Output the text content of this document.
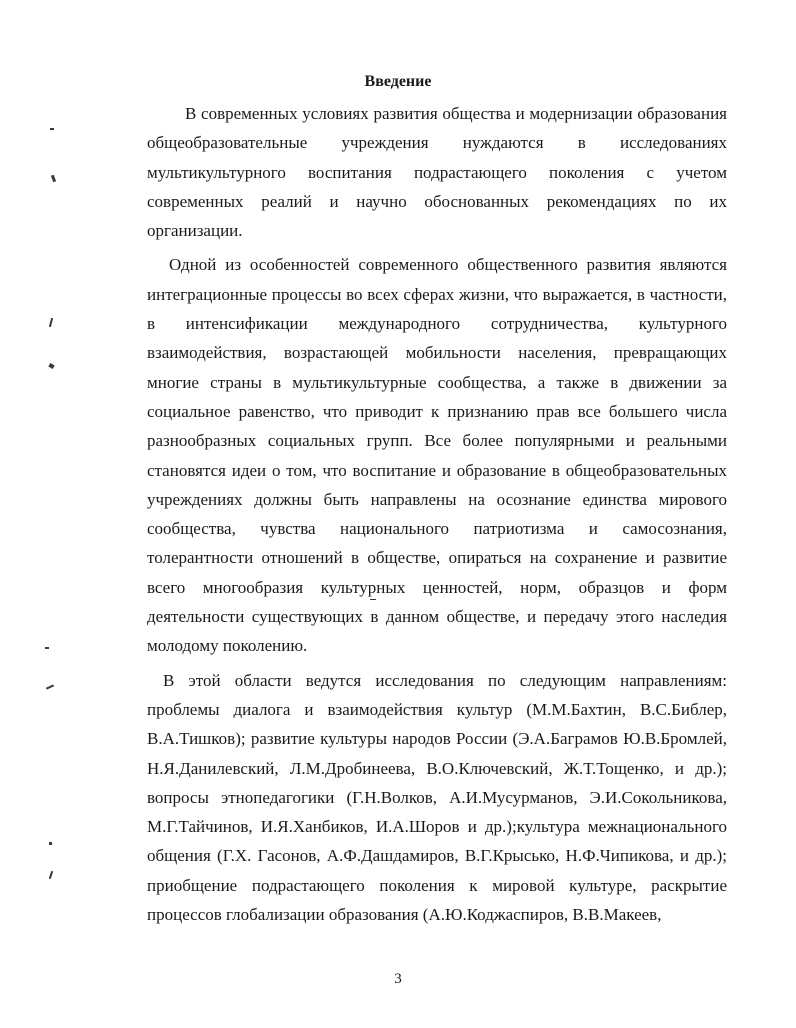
Введение

В современных условиях развития общества и модернизации образования общеобразовательные учреждения нуждаются в исследованиях мультикультурного воспитания подрастающего поколения с учетом современных реалий и научно обоснованных рекомендациях по их организации.

Одной из особенностей современного общественного развития являются интеграционные процессы во всех сферах жизни, что выражается, в частности, в интенсификации международного сотрудничества, культурного взаимодействия, возрастающей мобильности населения, превращающих многие страны в мультикультурные сообщества, а также в движении за социальное равенство, что приводит к признанию прав все большего числа разнообразных социальных групп. Все более популярными и реальными становятся идеи о том, что воспитание и образование в общеобразовательных учреждениях должны быть направлены на осознание единства мирового сообщества, чувства национального патриотизма и самосознания, толерантности отношений в обществе, опираться на сохранение и развитие всего многообразия культурных ценностей, норм, образцов и форм деятельности существующих в данном обществе, и передачу этого наследия молодому поколению.

В этой области ведутся исследования по следующим направлениям: проблемы диалога и взаимодействия культур (М.М.Бахтин, В.С.Библер, В.А.Тишков); развитие культуры народов России (Э.А.Баграмов Ю.В.Бромлей, Н.Я.Данилевский, Л.М.Дробинеева, В.О.Ключевский, Ж.Т.Тощенко, и др.); вопросы этнопедагогики (Г.Н.Волков, А.И.Мусурманов, Э.И.Сокольникова, М.Г.Тайчинов, И.Я.Ханбиков, И.А.Шоров и др.);культура межнационального общения (Г.Х. Гасонов, А.Ф.Дашдамиров, В.Г.Крысько, Н.Ф.Чипикова, и др.); приобщение подрастающего поколения к мировой культуре, раскрытие процессов глобализации образования (А.Ю.Коджаспиров, В.В.Макеев,

3
